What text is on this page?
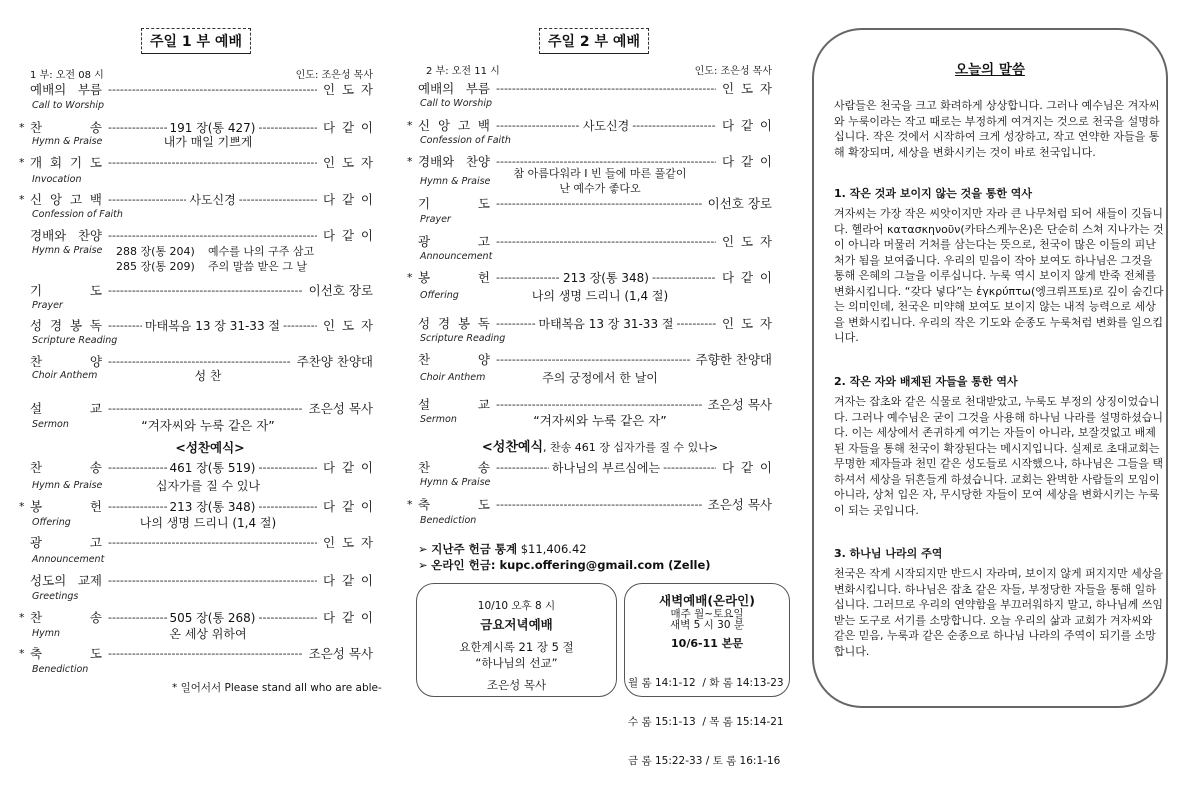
주일 1 부 예배
1 부: 오전 08 시	인도: 조은성 목사
예배의 부름 -----	인 도 자
Call to Worship
* 찬 송 -----	191 장(통 427) -----	다 같 이
Hymn & Praise	내가 매일 기쁘게
* 개 회 기 도 -----	인 도 자
Invocation
* 신 앙 고 백 -----	사도신경 -----	다 같 이
Confession of Faith
경배와 찬양 -----	다 같 이
Hymn & Praise 288 장(통 204) 예수를 나의 구주 삼고
285 장(통 209) 주의 말씀 받은 그 날
기 도 -----	이선호 장로
Prayer
성 경 봉 독 -----	마태복음 13 장 31-33 절 -----	인 도 자
Scripture Reading
찬 양 -----	주찬양 찬양대
Choir Anthem	성 찬
설 교 -----	조은성 목사
Sermon	“겨자씨와 누룩 같은 자”
찬 송 -----	461 장(통 519) -----	다 같 이
Hymn & Praise	십자가를 질 수 있나
* 봉 헌 -----	213 장(통 348) -----	다 같 이
Offering	나의 생명 드리니 (1,4 절)
광 고 -----	인 도 자
Announcement
성도의 교제 -----	다 같 이
Greetings
* 찬 송 -----	505 장(통 268) -----	다 같 이
Hymn	온 세상 위하여
* 축 도 -----	조은성 목사
Benediction
<성찬예식>
* 일어서서 Please stand all who are able-
주일 2 부 예배
2 부: 오전 11 시	인도: 조은성 목사
예배의 부름 -----	인 도 자
Call to Worship
* 신 앙 고 백 -----	사도신경 -----	다 같 이
Confession of Faith
* 경배와 찬양 -----	다 같 이
Hymn & Praise
참 아름다워라 I 빈 들에 마른 풀같이
난 예수가 좋다오
기 도 -----	이선호 장로
Prayer
광 고 -----	인 도 자
Announcement
* 봉 헌 -----	213 장(통 348) -----	다 같 이
Offering	나의 생명 드리니 (1,4 절)
성 경 봉 독 -----	마태복음 13 장 31-33 절 -----	인 도 자
Scripture Reading
찬 양 -----	주향한 찬양대
Choir Anthem	주의 궁정에서 한 날이
설 교 -----	조은성 목사
Sermon	“겨자씨와 누룩 같은 자”
찬 송 -----	하나님의 부르심에는 -----	다 같 이
Hymn & Praise
* 축 도 -----	조은성 목사
Benediction
<성찬예식, 찬송 461 장 십자가를 질 수 있나>
➢ 지난주 헌금 통계 $11,406.42
➢ 온라인 헌금: kupc.offering@gmail.com (Zelle)
10/10 오후 8 시
금요저녁예배
요한계시록 21 장 5 절
“하나님의 선교”
조은성 목사
새벽예배(온라인)
매주 월~토요일
새벽 5 시 30 분
10/6-11 본문

월 롬 14:1-12  / 화 롬 14:13-23

수 롬 15:1-13  / 목 롬 15:14-21

금 롬 15:22-33 / 토 롬 16:1-16

오늘의 말씀
사람들은 천국을 크고 화려하게 상상합니다. 그러나 예수님은 겨자씨와 누룩이라는 작고 때로는 부정하게 여겨지는 것으로 천국을 설명하십니다. 작은 것에서 시작하여 크게 성장하고, 작고 연약한 자들을 통해 확장되며, 세상을 변화시키는 것이 바로 천국입니다.
1. 작은 것과 보이지 않는 것을 통한 역사
겨자씨는 가장 작은 씨앗이지만 자라 큰 나무처럼 되어 새들이 깃듭니다. 헬라어 κατασκηνοῦν(카타스케누온)은 단순히 스쳐 지나가는 것이 아니라 머물러 거처를 삼는다는 뜻으로, 천국이 많은 이들의 피난처가 됨을 보여줍니다. 우리의 믿음이 작아 보여도 하나님은 그것을 통해 은혜의 그늘을 이루십니다. 누룩 역시 보이지 않게 반죽 전체를 변화시킵니다. “갖다 넣다”는 ἐγκρύπτω(엥크뤼프토)로 깊이 숨긴다는 의미인데, 천국은 미약해 보여도 보이지 않는 내적 능력으로 세상을 변화시킵니다. 우리의 작은 기도와 순종도 누룩처럼 변화를 일으킵니다.
2. 작은 자와 배제된 자들을 통한 역사
겨자는 잡초와 같은 식물로 천대받았고, 누룩도 부정의 상징이었습니다. 그러나 예수님은 굳이 그것을 사용해 하나님 나라를 설명하셨습니다. 이는 세상에서 존귀하게 여기는 자들이 아니라, 보잘것없고 배제된 자들을 통해 천국이 확장된다는 메시지입니다. 실제로 초대교회는 무명한 제자들과 천민 같은 성도들로 시작했으나, 하나님은 그들을 택하셔서 세상을 뒤흔들게 하셨습니다. 교회는 완벽한 사람들의 모임이 아니라, 상처 입은 자, 무시당한 자들이 모여 세상을 변화시키는 누룩이 되는 곳입니다.
3. 하나님 나라의 주역
천국은 작게 시작되지만 반드시 자라며, 보이지 않게 퍼지지만 세상을 변화시킵니다. 하나님은 잡초 같은 자들, 부정당한 자들을 통해 일하십니다. 그러므로 우리의 연약함을 부끄러워하지 말고, 하나님께 쓰임받는 도구로 서기를 소망합니다. 오늘 우리의 삶과 교회가 겨자씨와 같은 믿음, 누룩과 같은 순종으로 하나님 나라의 주역이 되기를 소망합니다.
